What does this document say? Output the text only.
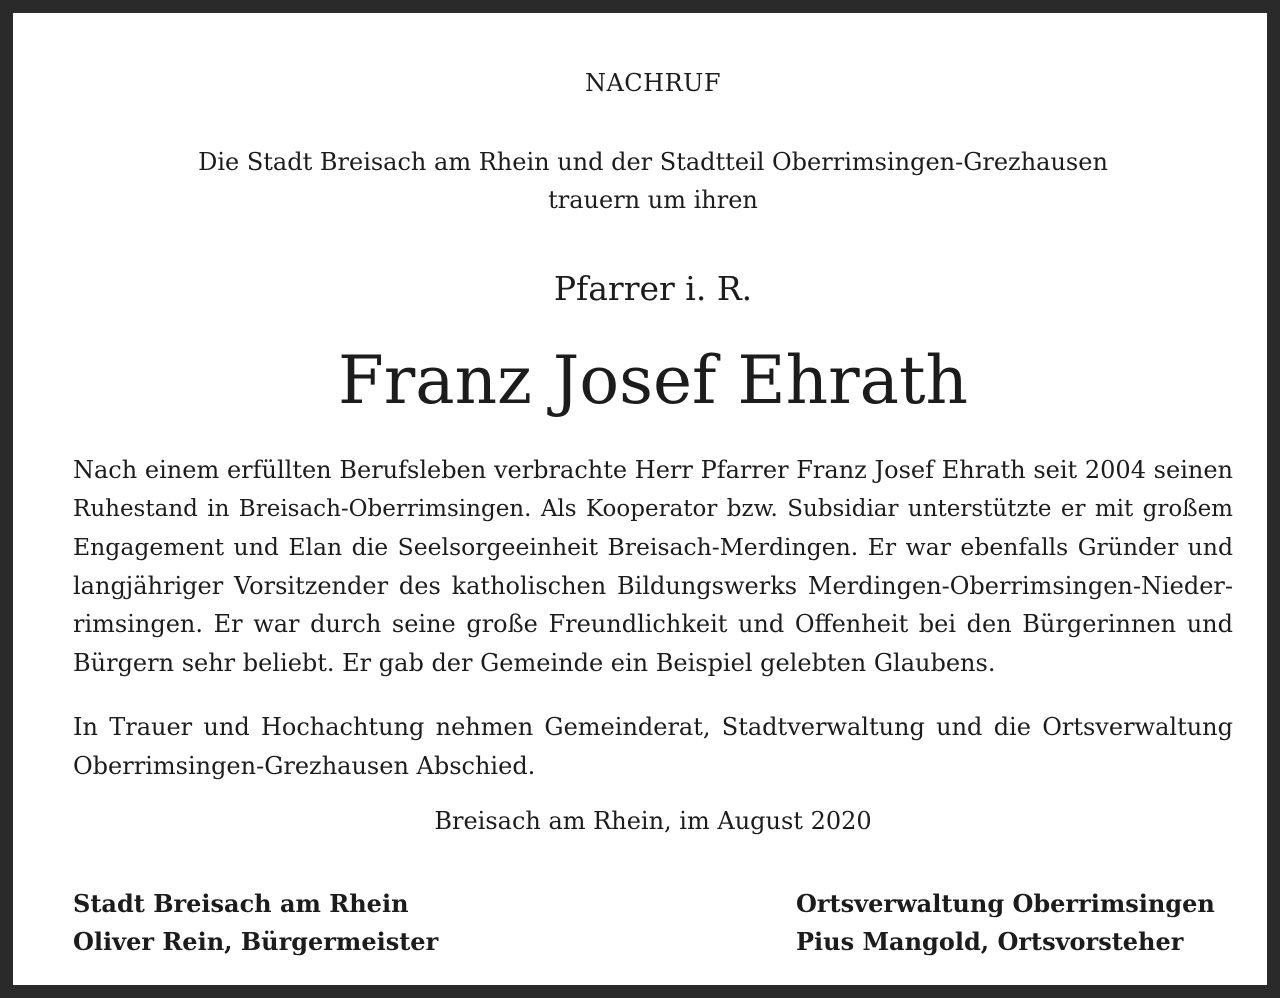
NACHRUF
Die Stadt Breisach am Rhein und der Stadtteil Oberrimsingen-Grezhausen
trauern um ihren
Pfarrer i. R.
Franz Josef Ehrath
Nach einem erfüllten Berufsleben verbrachte Herr Pfarrer Franz Josef Ehrath seit 2004 seinen
Ruhestand in Breisach-Oberrimsingen. Als Kooperator bzw. Subsidiar unterstützte er mit großem
Engagement und Elan die Seelsorgeeinheit Breisach-Merdingen. Er war ebenfalls Gründer und
langjähriger Vorsitzender des katholischen Bildungswerks Merdingen-Oberrimsingen-Nieder-
rimsingen. Er war durch seine große Freundlichkeit und Offenheit bei den Bürgerinnen und
Bürgern sehr beliebt. Er gab der Gemeinde ein Beispiel gelebten Glaubens.
In Trauer und Hochachtung nehmen Gemeinderat, Stadtverwaltung und die Ortsverwaltung
Oberrimsingen-Grezhausen Abschied.
Breisach am Rhein, im August 2020
Stadt Breisach am Rhein
Oliver Rein, Bürgermeister
Ortsverwaltung Oberrimsingen
Pius Mangold, Ortsvorsteher
